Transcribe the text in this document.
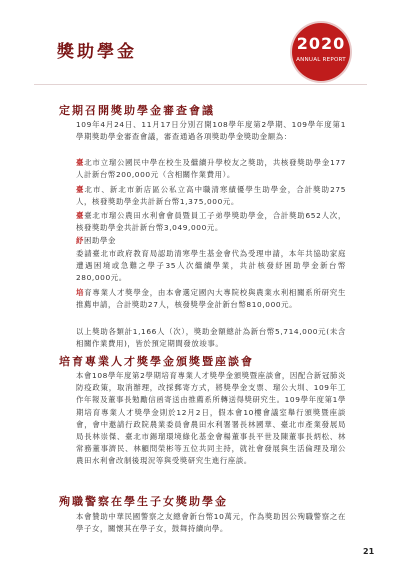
獎助學金	2020
ANNUAL REPORT
定期召開獎助學金審查會議

109年4月24日、11月17日分別召開108學年度第2學期、109學年度第1學期獎助學金審查會議，審查通過各項獎助學金獎助金額為：

臺北市立瑠公國民中學在校生及繼續升學校友之獎助，共核發獎助學金177人計新台幣200,000元（含相關作業費用）。

臺北市、新北市新店區公私立高中職清寒績優學生助學金，合計獎助275人，核發獎助學金共計新台幣1,375,000元。

臺臺北市瑠公農田水利會會員暨員工子弟學獎助學金，合計獎助652人次，核發獎助學金共計新台幣3,049,000元。

紓困助學金

委請臺北市政府教育局認助清寒學生基金會代為受理申請，本年共協助家庭遭遇困境或急難之學子35人次繼續學業，共計核發紓困助學金新台幣280,000元。

培育專業人才獎學金，由本會選定國內大專院校與農業水利相關系所研究生推薦申請，合計獎助27人，核發獎學金計新台幣810,000元。

以上獎助各類計1,166人（次），獎助金額總計為新台幣5,714,000元(未含相關作業費用)，皆於預定期間發放竣事。

培育專業人才獎學金頒獎暨座談會

本會108學年度第2學期培育專業人才獎學金頒獎暨座談會，因配合新冠肺炎防疫政策，取消辦理，改採郵寄方式，將獎學金支票、瑠公大圳、109年工作年報及董事長勉勵信函寄送由推薦系所轉送得獎研究生。109學年度第1學期培育專業人才獎學金則於12月2日，假本會10樓會議室舉行頒獎暨座談會，會中邀請行政院農業委員會農田水利署署長林國華、臺北市產業發展局局長林崇傑、臺北市錫瑠環境綠化基金會楊董事長平世及陳董事長炳松、林常務董事濟民、林顧問榮彬等五位共同主持，就社會發展與生活倫理及瑠公農田水利會改制後現況等與受獎研究生進行座談。

殉職警察在學生子女獎助學金

本會贊助中華民國警察之友總會新台幣10萬元，作為獎助因公殉職警察之在學子女，關懷其在學子女，鼓舞持續向學。

21
